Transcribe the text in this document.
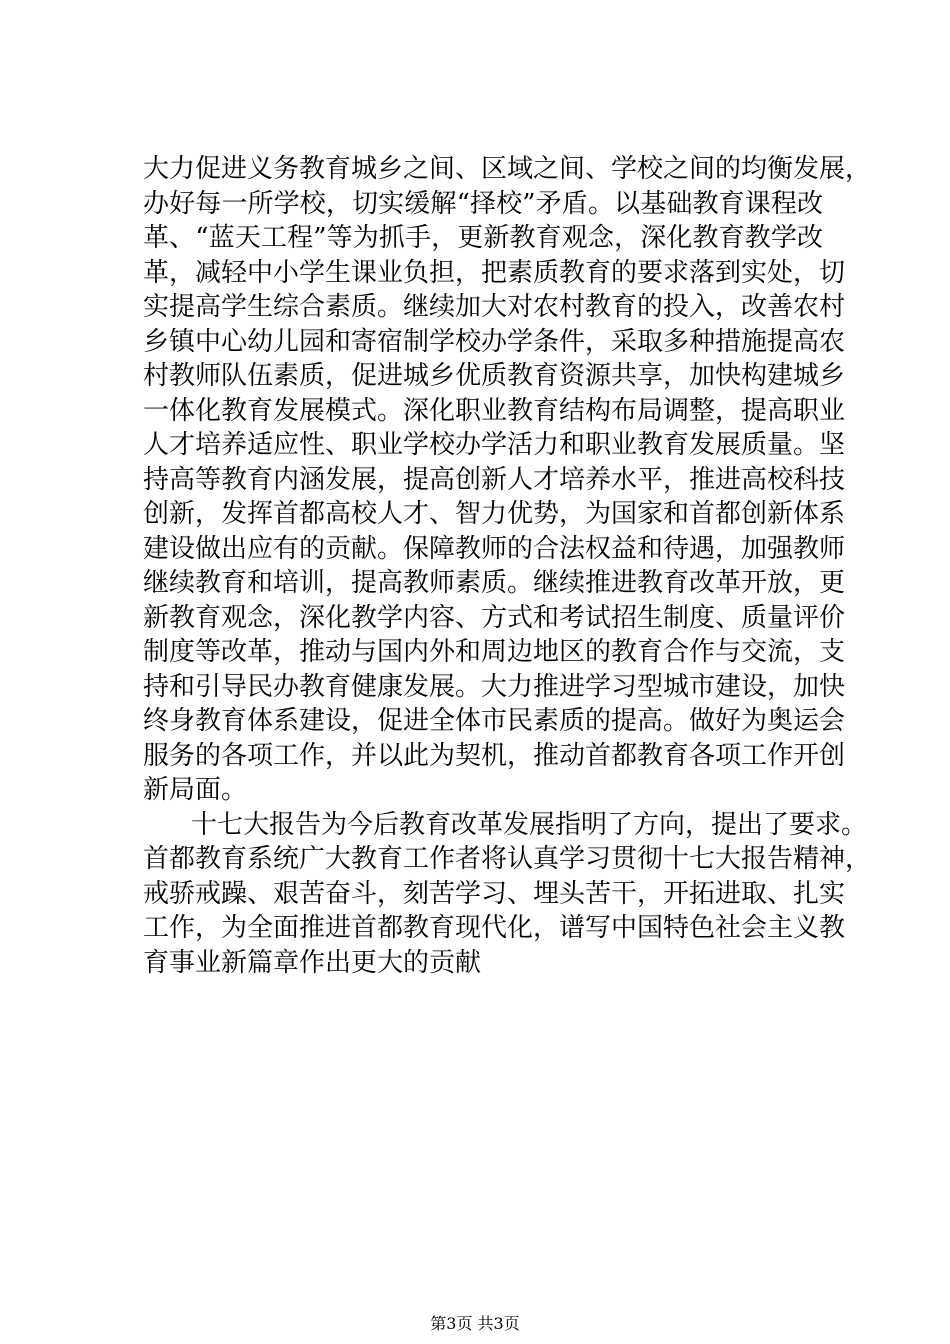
大力促进义务教育城乡之间、区域之间、学校之间的均衡发展，
办好每一所学校，切实缓解“择校”矛盾。以基础教育课程改
革、“蓝天工程”等为抓手，更新教育观念，深化教育教学改
革，减轻中小学生课业负担，把素质教育的要求落到实处，切
实提高学生综合素质。继续加大对农村教育的投入，改善农村
乡镇中心幼儿园和寄宿制学校办学条件，采取多种措施提高农
村教师队伍素质，促进城乡优质教育资源共享，加快构建城乡
一体化教育发展模式。深化职业教育结构布局调整，提高职业
人才培养适应性、职业学校办学活力和职业教育发展质量。坚
持高等教育内涵发展，提高创新人才培养水平，推进高校科技
创新，发挥首都高校人才、智力优势，为国家和首都创新体系
建设做出应有的贡献。保障教师的合法权益和待遇，加强教师
继续教育和培训，提高教师素质。继续推进教育改革开放，更
新教育观念，深化教学内容、方式和考试招生制度、质量评价
制度等改革，推动与国内外和周边地区的教育合作与交流，支
持和引导民办教育健康发展。大力推进学习型城市建设，加快
终身教育体系建设，促进全体市民素质的提高。做好为奥运会
服务的各项工作，并以此为契机，推动首都教育各项工作开创
新局面。
十七大报告为今后教育改革发展指明了方向，提出了要求。
首都教育系统广大教育工作者将认真学习贯彻十七大报告精神，
戒骄戒躁、艰苦奋斗，刻苦学习、埋头苦干，开拓进取、扎实
工作，为全面推进首都教育现代化，谱写中国特色社会主义教
育事业新篇章作出更大的贡献
第3页 共3页
